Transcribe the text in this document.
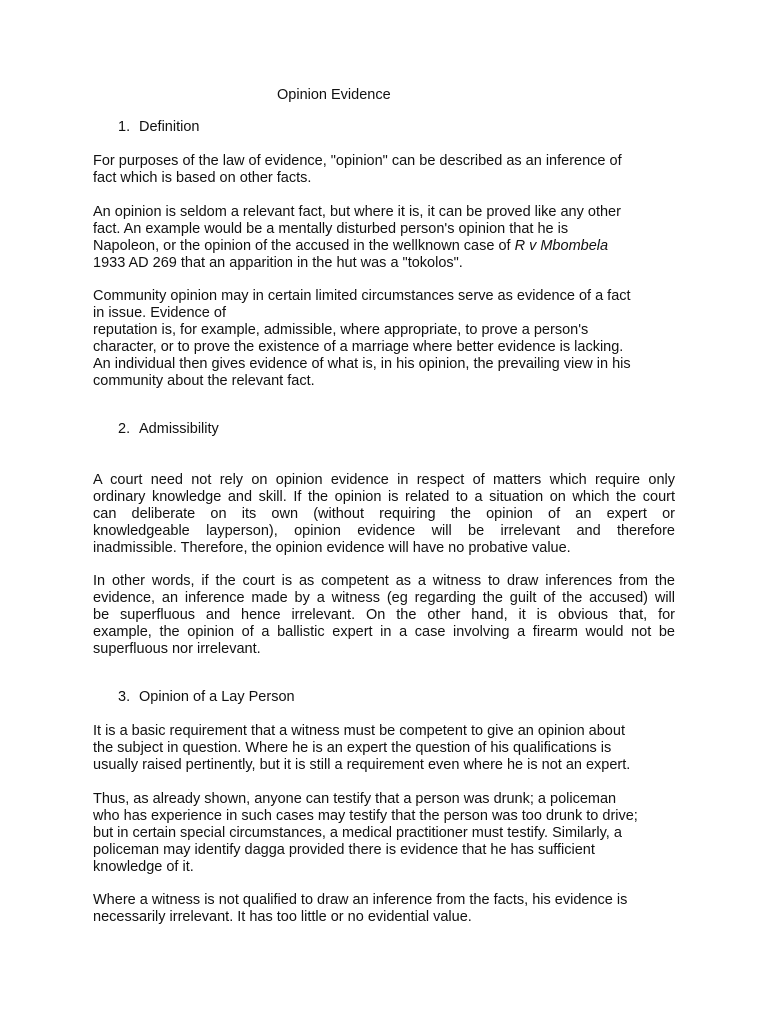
Opinion Evidence
1. Definition

For purposes of the law of evidence, "opinion" can be described as an inference of
fact which is based on other facts.

An opinion is seldom a relevant fact, but where it is, it can be proved like any other
fact. An example would be a mentally disturbed person's opinion that he is
Napoleon, or the opinion of the accused in the wellknown case of R v Mbombela
1933 AD 269 that an apparition in the hut was a "tokolos".

Community opinion may in certain limited circumstances serve as evidence of a fact
in issue. Evidence of
reputation is, for example, admissible, where appropriate, to prove a person's
character, or to prove the existence of a marriage where better evidence is lacking.
An individual then gives evidence of what is, in his opinion, the prevailing view in his
community about the relevant fact.

2. Admissibility

A court need not rely on opinion evidence in respect of matters which require only
ordinary knowledge and skill. If the opinion is related to a situation on which the court
can deliberate on its own (without requiring the opinion of an expert or
knowledgeable layperson), opinion evidence will be irrelevant and therefore
inadmissible. Therefore, the opinion evidence will have no probative value.

In other words, if the court is as competent as a witness to draw inferences from the
evidence, an inference made by a witness (eg regarding the guilt of the accused) will
be superfluous and hence irrelevant. On the other hand, it is obvious that, for
example, the opinion of a ballistic expert in a case involving a firearm would not be
superfluous nor irrelevant.

3. Opinion of a Lay Person

It is a basic requirement that a witness must be competent to give an opinion about
the subject in question. Where he is an expert the question of his qualifications is
usually raised pertinently, but it is still a requirement even where he is not an expert.

Thus, as already shown, anyone can testify that a person was drunk; a policeman
who has experience in such cases may testify that the person was too drunk to drive;
but in certain special circumstances, a medical practitioner must testify. Similarly, a
policeman may identify dagga provided there is evidence that he has sufficient
knowledge of it.

Where a witness is not qualified to draw an inference from the facts, his evidence is
necessarily irrelevant. It has too little or no evidential value.
